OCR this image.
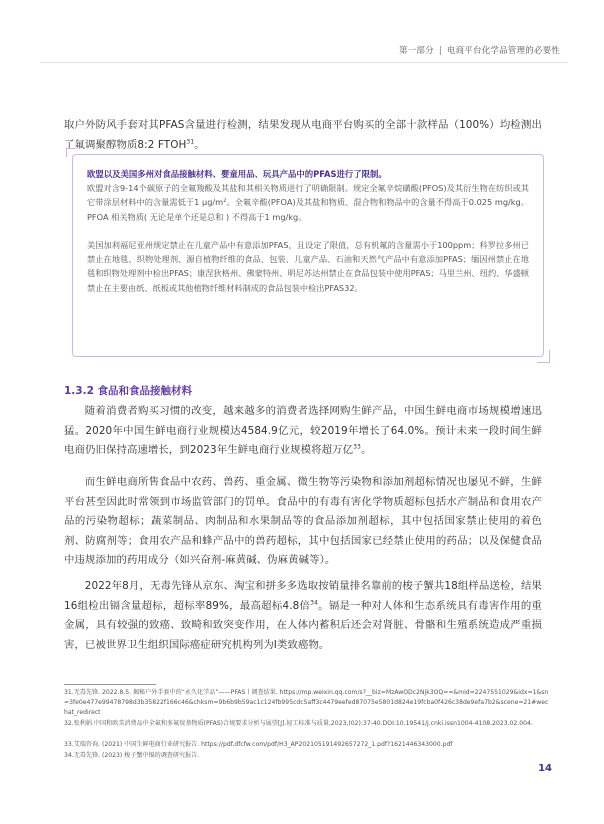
第一部分 | 电商平台化学品管理的必要性
取户外防风手套对其PFAS含量进行检测，结果发现从电商平台购买的全部十款样品（100%）均检测出了氟调聚醇物质8:2 FTOH$^{31}$。
欧盟以及美国多州对食品接触材料、婴童用品、玩具产品中的PFAS进行了限制。
欧盟对含9-14个碳原子的全氟羧酸及其盐和其相关物质进行了明确限制。规定全氟辛烷磺酸(PFOS)及其衍生物在纺织或其它带涂层材料中的含量需低于1 μg/m²。全氟辛酸(PFOA)及其盐和物质、混合物和物品中的含量不得高于0.025 mg/kg。PFOA 相关物质( 无论是单个还是总和 ) 不得高于1 mg/kg。
美国加利福尼亚州规定禁止在儿童产品中有意添加PFAS，且设定了限值，总有机氟的含量需小于100ppm；科罗拉多州已禁止在地毯、织物处理剂、源自植物纤维的食品、包装、儿童产品、石油和天然气产品中有意添加PFAS；缅因州禁止在地毯和织物处理剂中检出PFAS；康涅狄格州、佛蒙特州、明尼苏达州禁止在食品包装中使用PFAS；马里兰州、纽约、华盛顿禁止在主要由纸、纸板或其他植物纤维材料制成的食品包装中检出PFAS32。
1.3.2 食品和食品接触材料
随着消费者购买习惯的改变，越来越多的消费者选择网购生鲜产品，中国生鲜电商市场规模增速迅猛。2020年中国生鲜电商行业规模达4584.9亿元，较2019年增长了64.0%。预计未来一段时间生鲜电商仍旧保持高速增长，到2023年生鲜电商行业规模将超万亿$^{33}$。
而生鲜电商所售食品中农药、兽药、重金属、微生物等污染物和添加剂超标情况也屡见不鲜，生鲜平台甚至因此时常领到市场监管部门的罚单。食品中的有毒有害化学物质超标包括水产制品和食用农产品的污染物超标；蔬菜制品、肉制品和水果制品等的食品添加剂超标，其中包括国家禁止使用的着色剂、防腐剂等；食用农产品和蜂产品中的兽药超标，其中包括国家已经禁止使用的药品；以及保健食品中违规添加的药用成分（如兴奋剂-麻黄碱、伪麻黄碱等）。
2022年8月，无毒先锋从京东、淘宝和拼多多选取按销量排名靠前的梭子蟹共18组样品送检，结果16组检出镉含量超标，超标率89%，最高超标4.8倍$^{34}$。镉是一种对人体和生态系统具有毒害作用的重金属，具有较强的致癌、致畸和致突变作用，在人体内蓄积后还会对肾脏、骨骼和生殖系统造成严重损害，已被世界卫生组织国际癌症研究机构列为I类致癌物。
31.无毒先锋. 2022.8.5. 揭秘户外手套中的“永久化学品”——PFAS丨调查结果. https://mp.weixin.qq.com/s?__biz=MzAwODc2Njk3OQ==&mid=2247551029&idx=1&sn=3fe0e477e99478798d3b35822f166c46&chksm=9b6b9b59ac1c124fb995cdc5aff3c4479eefed87075e5801d824e19fcba0f426c38de9efa7b2&scene=21#wechat_redirect
32.张利娟.中国和欧美消费品中全氟和多氟烷基物质(PFAS)合规要求分析与展望[J].轻工标准与质量,2023,(02):37-40.DOI:10.19541/j.cnki.issn1004-4108.2023.02.004.
33.艾瑞咨询. (2021) 中国生鲜电商行业研究报告. https://pdf.dfcfw.com/pdf/H3_AP202105191492657272_1.pdf?1621446343000.pdf
34.无毒先锋. (2023) 梭子蟹中镉的调查研究报告.
14
